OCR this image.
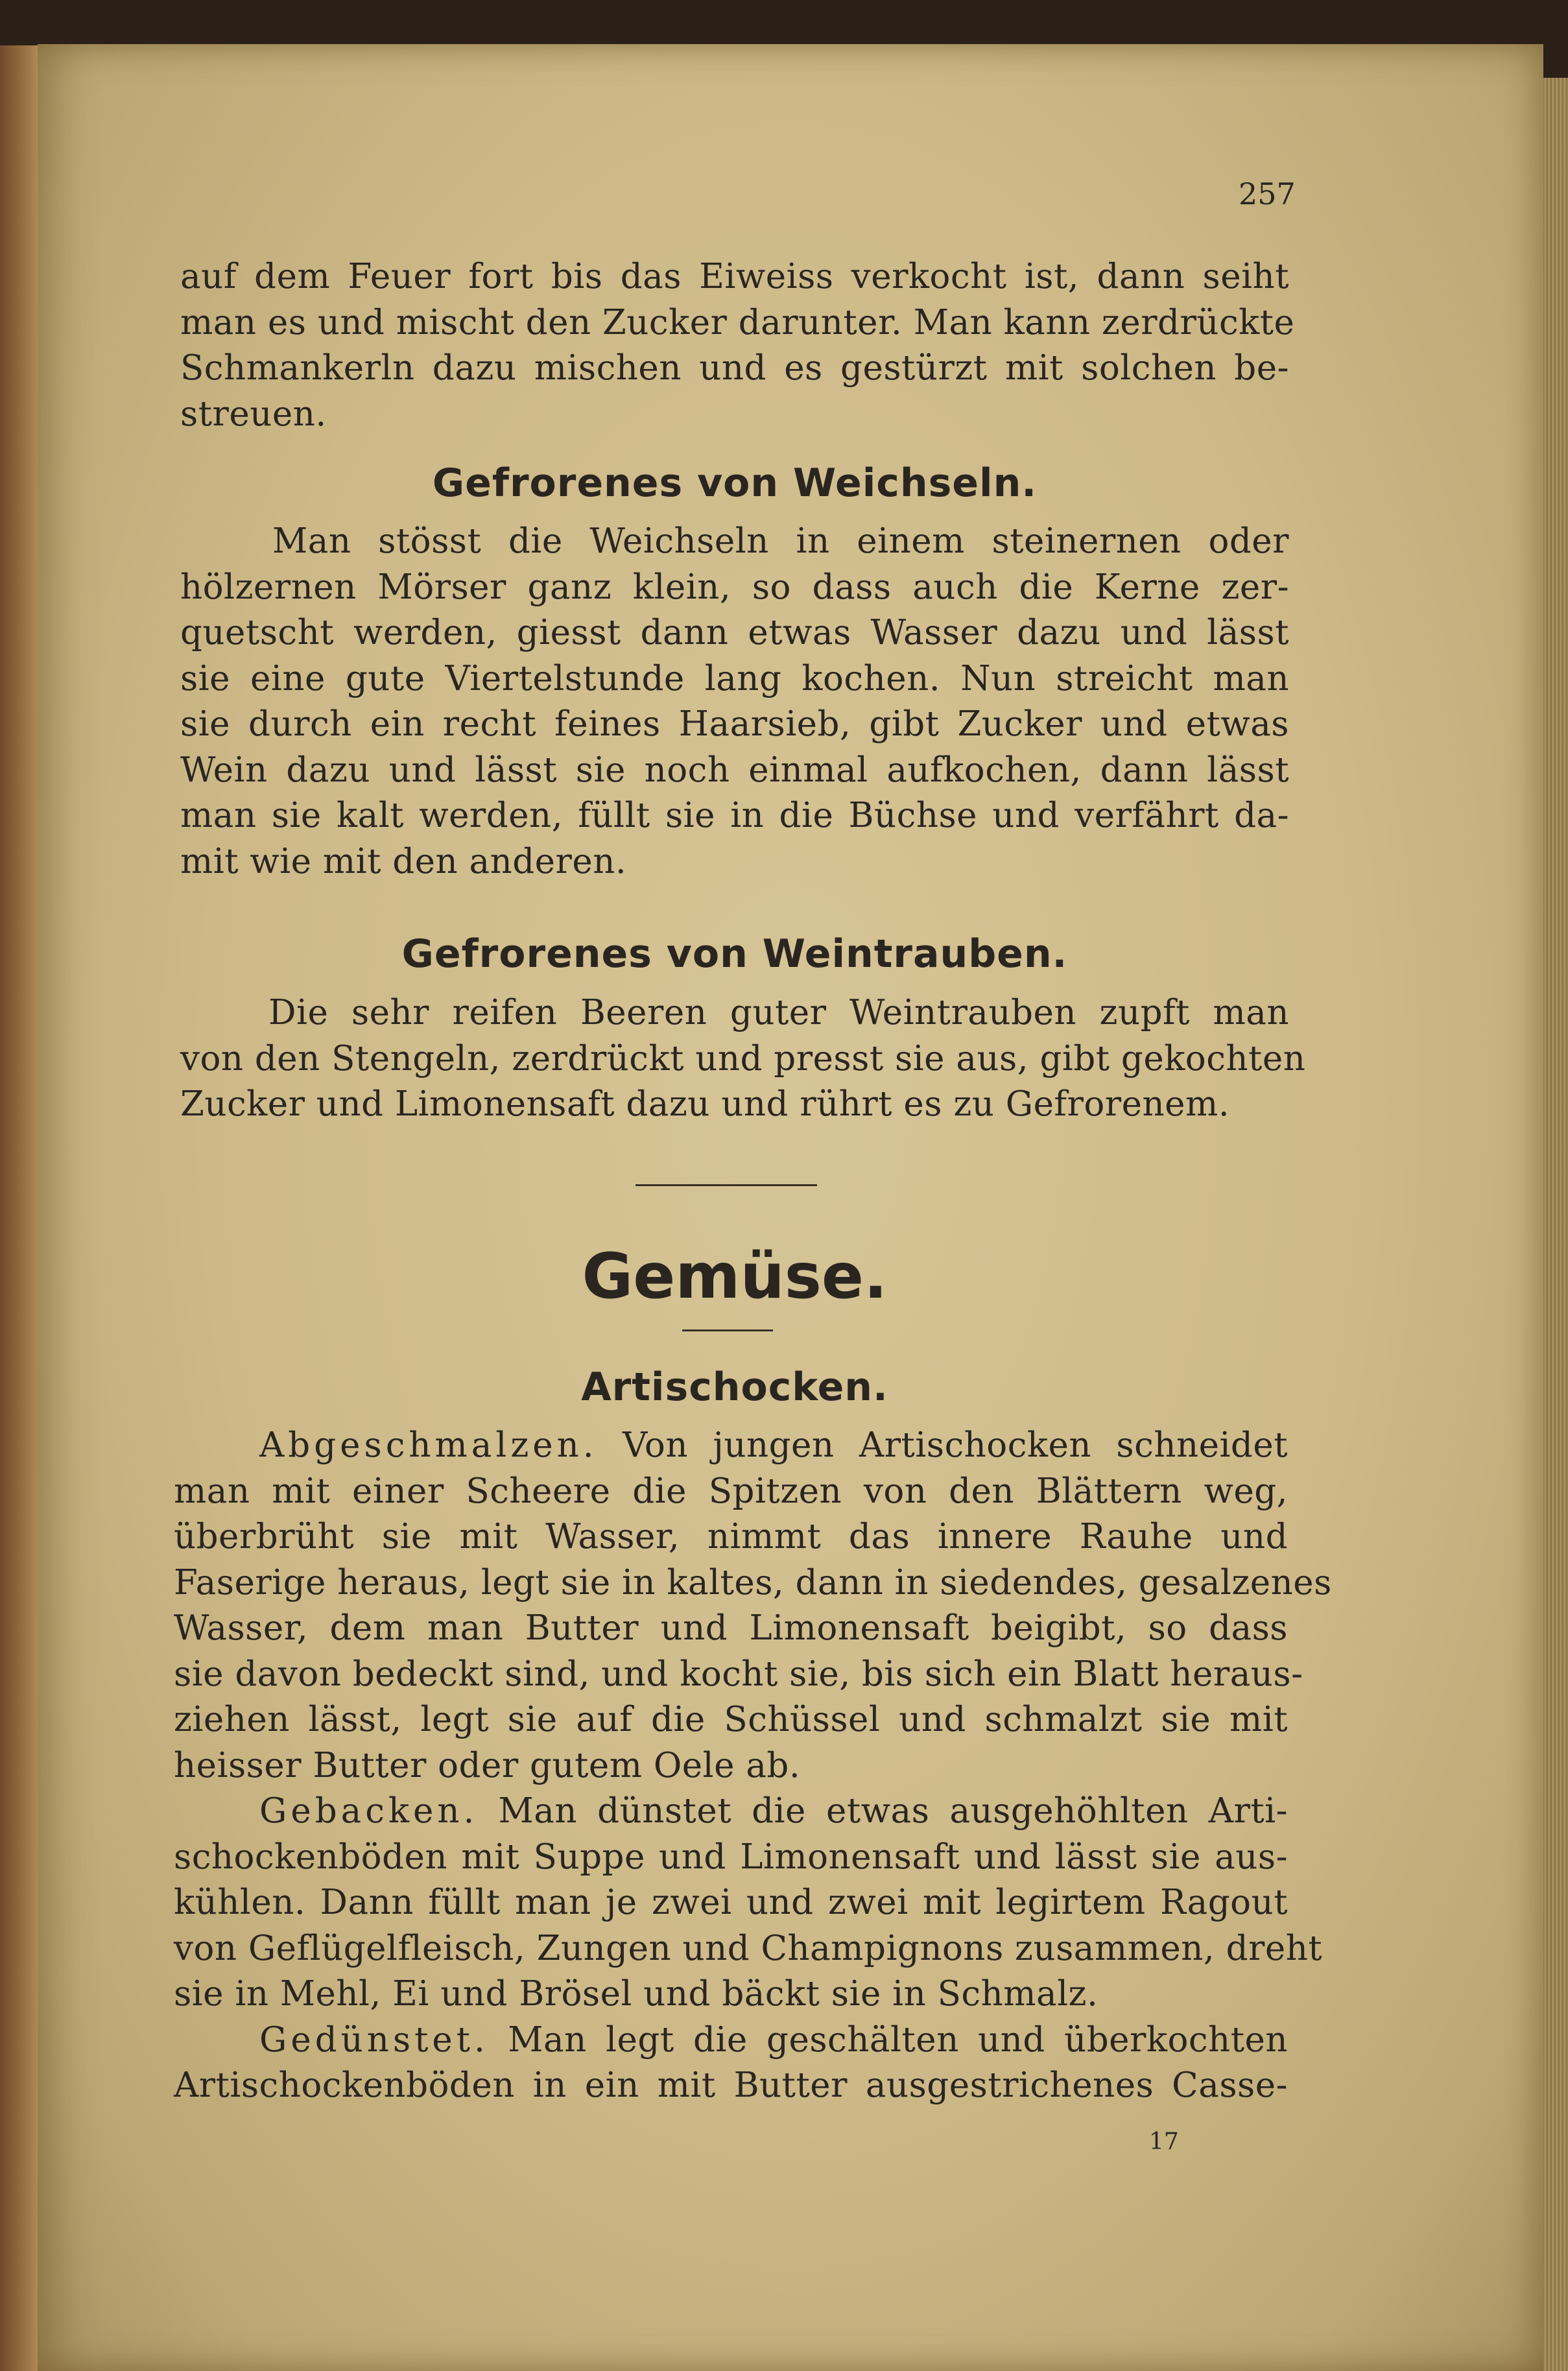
257
auf dem Feuer fort bis das Eiweiss verkocht ist, dann seiht
man es und mischt den Zucker darunter. Man kann zerdrückte
Schmankerln dazu mischen und es gestürzt mit solchen be-
streuen.
Gefrorenes von Weichseln.
Man stösst die Weichseln in einem steinernen oder
hölzernen Mörser ganz klein, so dass auch die Kerne zer-
quetscht werden, giesst dann etwas Wasser dazu und lässt
sie eine gute Viertelstunde lang kochen. Nun streicht man
sie durch ein recht feines Haarsieb, gibt Zucker und etwas
Wein dazu und lässt sie noch einmal aufkochen, dann lässt
man sie kalt werden, füllt sie in die Büchse und verfährt da-
mit wie mit den anderen.
Gefrorenes von Weintrauben.
Die sehr reifen Beeren guter Weintrauben zupft man
von den Stengeln, zerdrückt und presst sie aus, gibt gekochten
Zucker und Limonensaft dazu und rührt es zu Gefrorenem.
Gemüse.
Artischocken.
Abgeschmalzen. Von jungen Artischocken schneidet
man mit einer Scheere die Spitzen von den Blättern weg,
überbrüht sie mit Wasser, nimmt das innere Rauhe und
Faserige heraus, legt sie in kaltes, dann in siedendes, gesalzenes
Wasser, dem man Butter und Limonensaft beigibt, so dass
sie davon bedeckt sind, und kocht sie, bis sich ein Blatt heraus-
ziehen lässt, legt sie auf die Schüssel und schmalzt sie mit
heisser Butter oder gutem Oele ab.
Gebacken. Man dünstet die etwas ausgehöhlten Arti-
schockenböden mit Suppe und Limonensaft und lässt sie aus-
kühlen. Dann füllt man je zwei und zwei mit legirtem Ragout
von Geflügelfleisch, Zungen und Champignons zusammen, dreht
sie in Mehl, Ei und Brösel und bäckt sie in Schmalz.
Gedünstet. Man legt die geschälten und überkochten
Artischockenböden in ein mit Butter ausgestrichenes Casse-
17
